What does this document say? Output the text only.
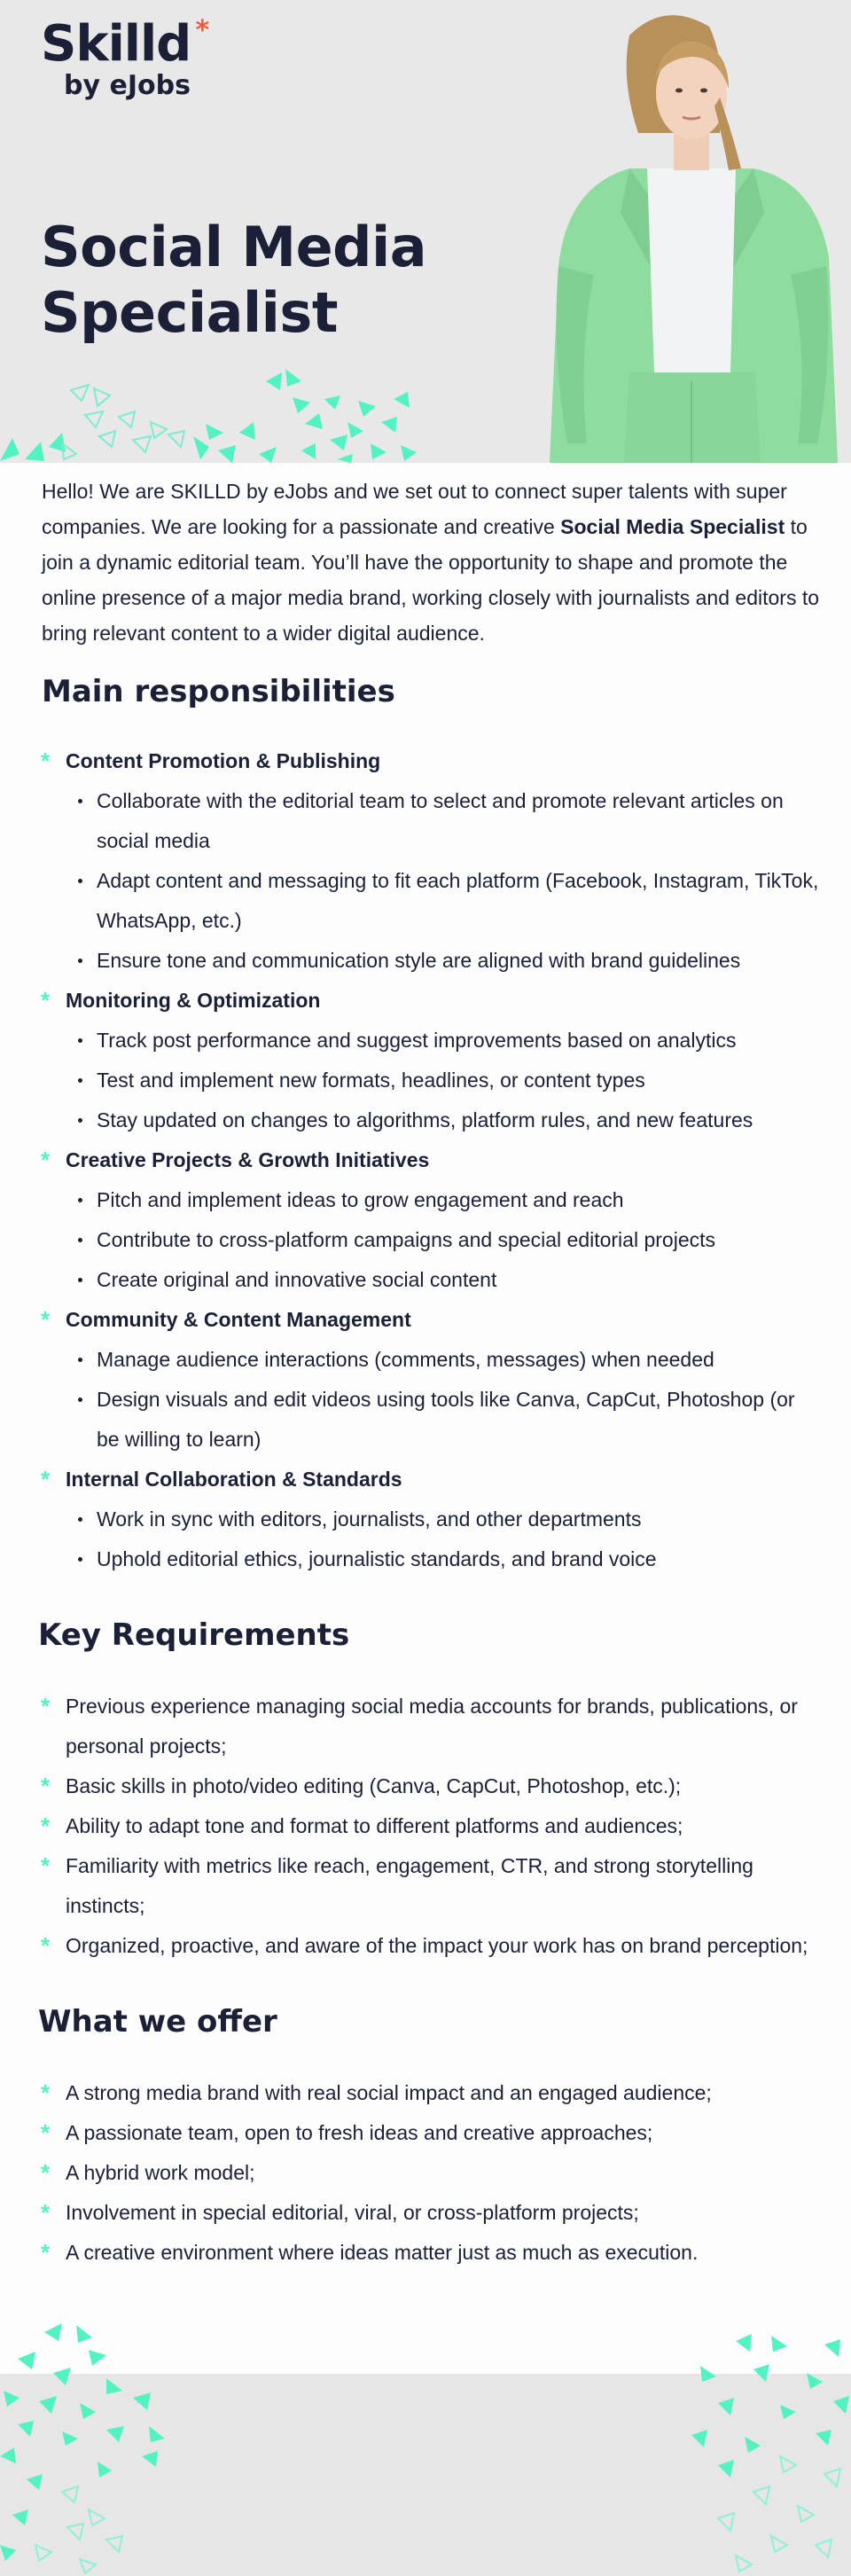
Skilld *
by eJobs
Social Media Specialist

Hello! We are SKILLD by eJobs and we set out to connect super talents with super companies. We are looking for a passionate and creative Social Media Specialist to join a dynamic editorial team. You’ll have the opportunity to shape and promote the online presence of a major media brand, working closely with journalists and editors to bring relevant content to a wider digital audience.

Main responsibilities
* Content Promotion & Publishing
Collaborate with the editorial team to select and promote relevant articles on social media
Adapt content and messaging to fit each platform (Facebook, Instagram, TikTok, WhatsApp, etc.)
Ensure tone and communication style are aligned with brand guidelines
* Monitoring & Optimization
Track post performance and suggest improvements based on analytics
Test and implement new formats, headlines, or content types
Stay updated on changes to algorithms, platform rules, and new features
* Creative Projects & Growth Initiatives
Pitch and implement ideas to grow engagement and reach
Contribute to cross-platform campaigns and special editorial projects
Create original and innovative social content
* Community & Content Management
Manage audience interactions (comments, messages) when needed
Design visuals and edit videos using tools like Canva, CapCut, Photoshop (or be willing to learn)
* Internal Collaboration & Standards
Work in sync with editors, journalists, and other departments
Uphold editorial ethics, journalistic standards, and brand voice
Key Requirements
* Previous experience managing social media accounts for brands, publications, or personal projects;
* Basic skills in photo/video editing (Canva, CapCut, Photoshop, etc.);
* Ability to adapt tone and format to different platforms and audiences;
* Familiarity with metrics like reach, engagement, CTR, and strong storytelling instincts;
* Organized, proactive, and aware of the impact your work has on brand perception;
What we offer
* A strong media brand with real social impact and an engaged audience;
* A passionate team, open to fresh ideas and creative approaches;
* A hybrid work model;
* Involvement in special editorial, viral, or cross-platform projects;
* A creative environment where ideas matter just as much as execution.
